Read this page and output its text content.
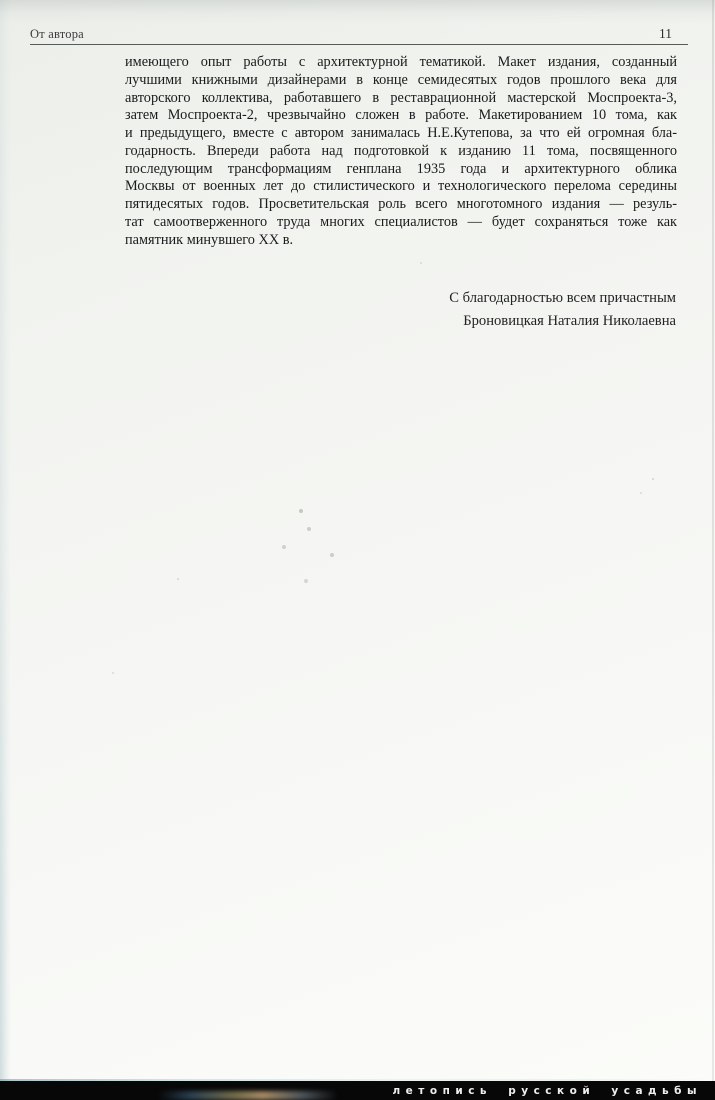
От автора	11
имеющего опыт работы с архитектурной тематикой. Макет издания, созданный
лучшими книжными дизайнерами в конце семидесятых годов прошлого века для
авторского коллектива, работавшего в реставрационной мастерской Моспроекта-3,
затем Моспроекта-2, чрезвычайно сложен в работе. Макетированием 10 тома, как
и предыдущего, вместе с автором занималась Н.Е.Кутепова, за что ей огромная бла-
годарность. Впереди работа над подготовкой к изданию 11 тома, посвященного
последующим трансформациям генплана 1935 года и архитектурного облика
Москвы от военных лет до стилистического и технологического перелома середины
пятидесятых годов. Просветительская роль всего многотомного издания — резуль-
тат самоотверженного труда многих специалистов — будет сохраняться тоже как
памятник минувшего XX в.
С благодарностью всем причастным
Броновицкая Наталия Николаевна
летопись русской усадьбы
